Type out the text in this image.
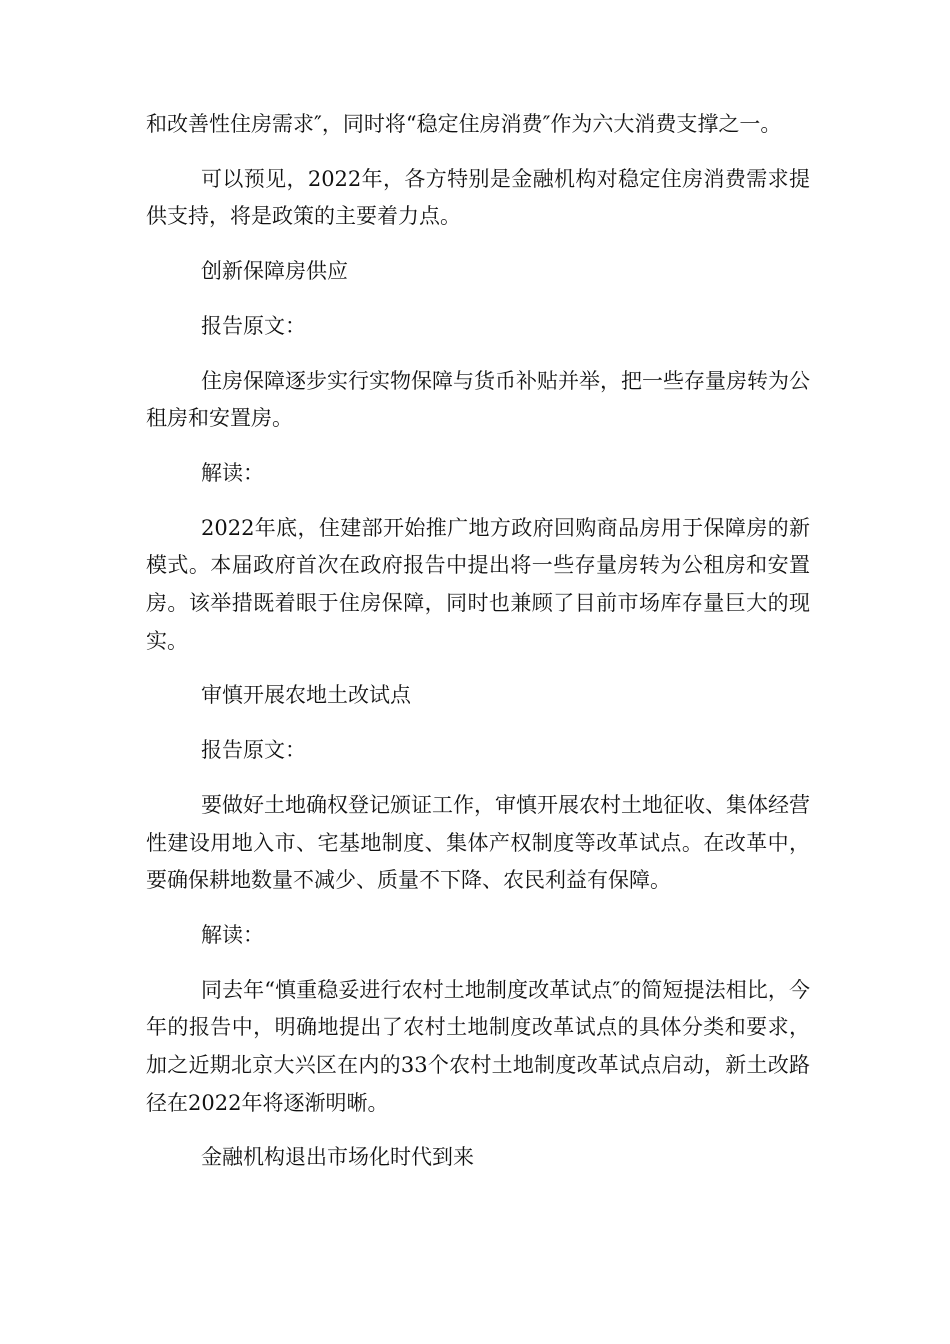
和改善性住房需求″，同时将“稳定住房消费″作为六大消费支撑之一。

可以预见，2022年，各方特别是金融机构对稳定住房消费需求提供支持，将是政策的主要着力点。

创新保障房供应

报告原文：

住房保障逐步实行实物保障与货币补贴并举，把一些存量房转为公租房和安置房。

解读：

2022年底，住建部开始推广地方政府回购商品房用于保障房的新模式。本届政府首次在政府报告中提出将一些存量房转为公租房和安置房。该举措既着眼于住房保障，同时也兼顾了目前市场库存量巨大的现实。

审慎开展农地土改试点

报告原文：

要做好土地确权登记颁证工作，审慎开展农村土地征收、集体经营性建设用地入市、宅基地制度、集体产权制度等改革试点。在改革中，要确保耕地数量不减少、质量不下降、农民利益有保障。

解读：

同去年“慎重稳妥进行农村土地制度改革试点″的简短提法相比，今年的报告中，明确地提出了农村土地制度改革试点的具体分类和要求，加之近期北京大兴区在内的33个农村土地制度改革试点启动，新土改路径在2022年将逐渐明晰。

金融机构退出市场化时代到来
